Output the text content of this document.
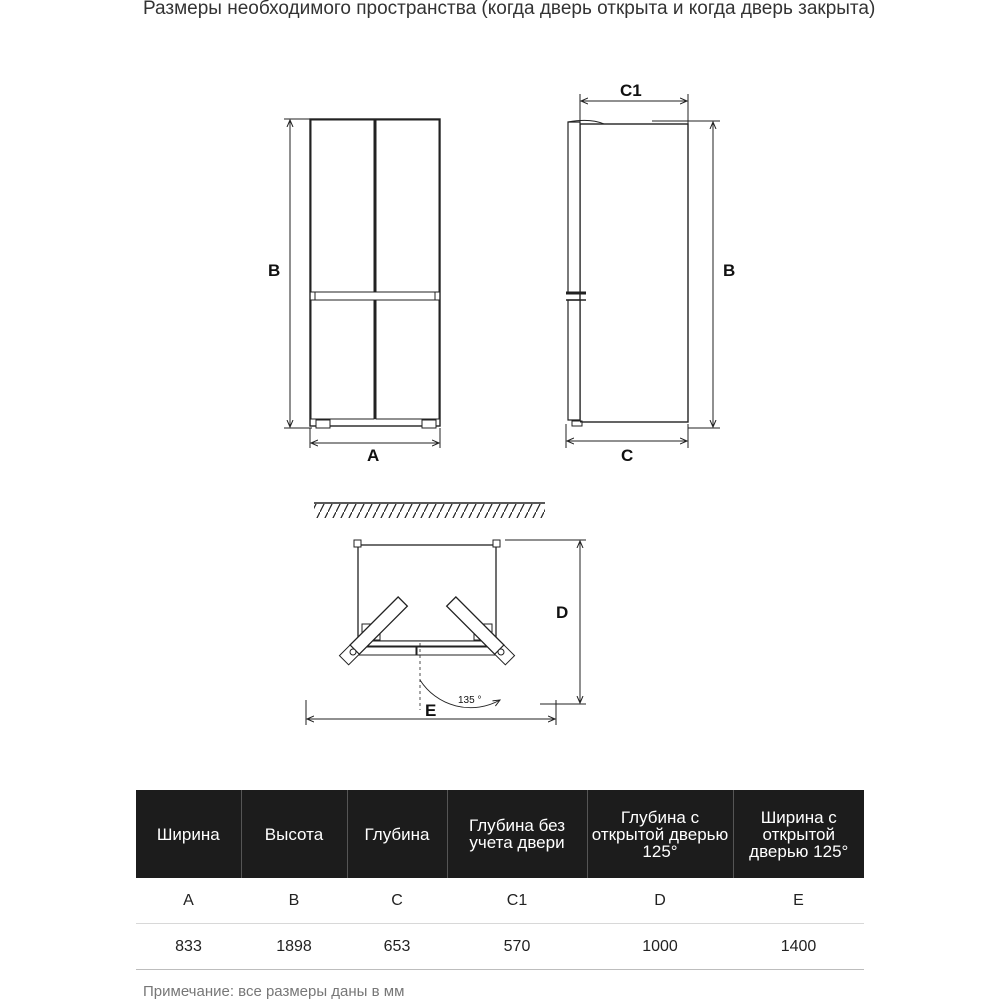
Размеры необходимого пространства (когда дверь открыта и когда дверь закрыта)
B
A
C1
B
C
135 °
D
E
Ширина	Высота	Глубина	Глубина без учета двери	Глубина с открытой дверью 125°	Ширина с открытой дверью 125°
A	B	C	C1	D	E
833	1898	653	570	1000	1400
Примечание: все размеры даны в мм
